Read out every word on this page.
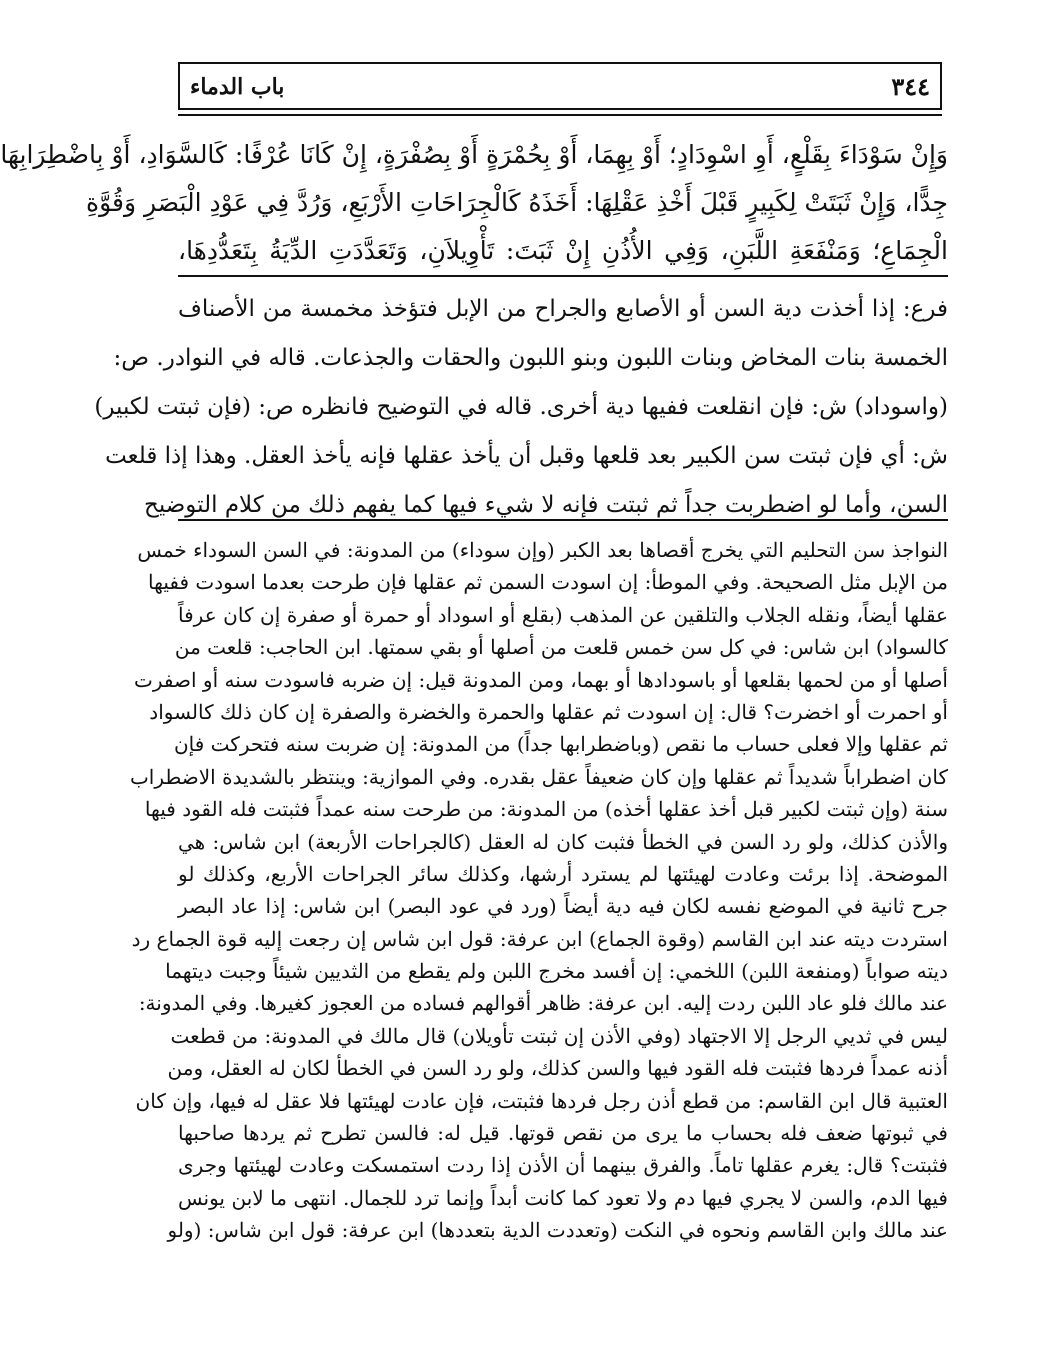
٣٤٤
باب الدماء
وَإِنْ سَوْدَاءَ بِقَلْعٍ، أَوِ اسْوِدَادٍ؛ أَوْ بِهِمَا، أَوْ بِحُمْرَةٍ أَوْ بِصُفْرَةٍ، إِنْ كَانَا عُرْفًا: كَالسَّوَادِ، أَوْ بِاضْطِرَابِهَا
جِدًّا، وَإِنْ ثَبَتَتْ لِكَبِيرٍ قَبْلَ أَخْذِ عَقْلِهَا: أَخَذَهُ كَالْجِرَاحَاتِ الأَرْبَعِ، وَرُدَّ فِي عَوْدِ الْبَصَرِ وَقُوَّةِ
الْجِمَاعِ؛ وَمَنْفَعَةِ اللَّبَنِ، وَفِي الأُذُنِ إِنْ ثَبَتَ: تَأْوِيلاَنِ، وَتَعَدَّدَتِ الدِّيَةُ بِتَعَدُّدِهَا،
فرع: إذا أخذت دية السن أو الأصابع والجراح من الإبل فتؤخذ مخمسة من الأصناف
الخمسة بنات المخاض وبنات اللبون وبنو اللبون والحقات والجذعات. قاله في النوادر. ص:
(واسوداد) ش: فإن انقلعت ففيها دية أخرى. قاله في التوضيح فانظره ص: (فإن ثبتت لكبير)
ش: أي فإن ثبتت سن الكبير بعد قلعها وقبل أن يأخذ عقلها فإنه يأخذ العقل. وهذا إذا قلعت
السن، وأما لو اضطربت جداً ثم ثبتت فإنه لا شيء فيها كما يفهم ذلك من كلام التوضيح
النواجذ سن التحليم التي يخرج أقصاها بعد الكبر (وإن سوداء) من المدونة: في السن السوداء خمس
من الإبل مثل الصحيحة. وفي الموطأ: إن اسودت السمن ثم عقلها فإن طرحت بعدما اسودت ففيها
عقلها أيضاً، ونقله الجلاب والتلقين عن المذهب (بقلع أو اسوداد أو حمرة أو صفرة إن كان عرفاً
كالسواد) ابن شاس: في كل سن خمس قلعت من أصلها أو بقي سمتها. ابن الحاجب: قلعت من
أصلها أو من لحمها بقلعها أو باسودادها أو بهما، ومن المدونة قيل: إن ضربه فاسودت سنه أو اصفرت
أو احمرت أو اخضرت؟ قال: إن اسودت ثم عقلها والحمرة والخضرة والصفرة إن كان ذلك كالسواد
ثم عقلها وإلا فعلى حساب ما نقص (وباضطرابها جداً) من المدونة: إن ضربت سنه فتحركت فإن
كان اضطراباً شديداً ثم عقلها وإن كان ضعيفاً عقل بقدره. وفي الموازية: وينتظر بالشديدة الاضطراب
سنة (وإن ثبتت لكبير قبل أخذ عقلها أخذه) من المدونة: من طرحت سنه عمداً فثبتت فله القود فيها
والأذن كذلك، ولو رد السن في الخطأ فثبت كان له العقل (كالجراحات الأربعة) ابن شاس: هي
الموضحة. إذا برئت وعادت لهيئتها لم يسترد أرشها، وكذلك سائر الجراحات الأربع، وكذلك لو
جرح ثانية في الموضع نفسه لكان فيه دية أيضاً (ورد في عود البصر) ابن شاس: إذا عاد البصر
استردت ديته عند ابن القاسم (وقوة الجماع) ابن عرفة: قول ابن شاس إن رجعت إليه قوة الجماع رد
ديته صواباً (ومنفعة اللبن) اللخمي: إن أفسد مخرج اللبن ولم يقطع من الثديين شيئاً وجبت ديتهما
عند مالك فلو عاد اللبن ردت إليه. ابن عرفة: ظاهر أقوالهم فساده من العجوز كغيرها. وفي المدونة:
ليس في ثديي الرجل إلا الاجتهاد (وفي الأذن إن ثبتت تأويلان) قال مالك في المدونة: من قطعت
أذنه عمداً فردها فثبتت فله القود فيها والسن كذلك، ولو رد السن في الخطأ لكان له العقل، ومن
العتبية قال ابن القاسم: من قطع أذن رجل فردها فثبتت، فإن عادت لهيئتها فلا عقل له فيها، وإن كان
في ثبوتها ضعف فله بحساب ما يرى من نقص قوتها. قيل له: فالسن تطرح ثم يردها صاحبها
فثبتت؟ قال: يغرم عقلها تاماً. والفرق بينهما أن الأذن إذا ردت استمسكت وعادت لهيئتها وجرى
فيها الدم، والسن لا يجري فيها دم ولا تعود كما كانت أبداً وإنما ترد للجمال. انتهى ما لابن يونس
عند مالك وابن القاسم ونحوه في النكت (وتعددت الدية بتعددها) ابن عرفة: قول ابن شاس: (ولو
